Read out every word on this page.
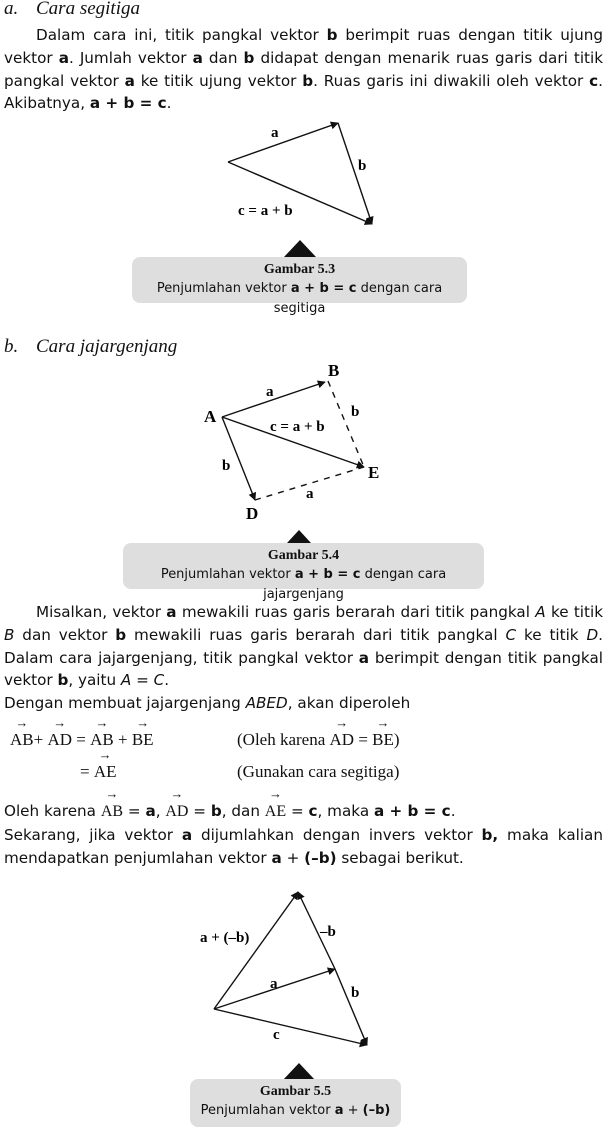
a. Cara segitiga

Dalam cara ini, titik pangkal vektor b berimpit ruas dengan titik ujung vektor a. Jumlah vektor a dan b didapat dengan menarik ruas garis dari titik pangkal vektor a ke titik ujung vektor b. Ruas garis ini diwakili oleh vektor c. Akibatnya, a + b = c.

a
b
c = a + b
Gambar 5.3
Penjumlahan vektor a + b = c dengan cara segitiga
b. Cara jajargenjang
A
B
D
E
a
b
c = a + b
b
a
Gambar 5.4
Penjumlahan vektor a + b = c dengan cara jajargenjang

Misalkan, vektor a mewakili ruas garis berarah dari titik pangkal A ke titik B dan vektor b mewakili ruas garis berarah dari titik pangkal C ke titik D. Dalam cara jajargenjang, titik pangkal vektor a berimpit dengan titik pangkal vektor b, yaitu A = C.

Dengan membuat jajargenjang ABED, akan diperoleh

→ AB+ → AD = → AB + → BE	(Oleh karena → AD = → BE)
= → AE	(Gunakan cara segitiga)

Oleh karena → AB = a, → AD = b, dan → AE = c, maka a + b = c.

Sekarang, jika vektor a dijumlahkan dengan invers vektor b, maka kalian mendapatkan penjumlahan vektor a + (–b) sebagai berikut.

a + (–b)	–b
a
b
c
Gambar 5.5
Penjumlahan vektor a + (–b)
